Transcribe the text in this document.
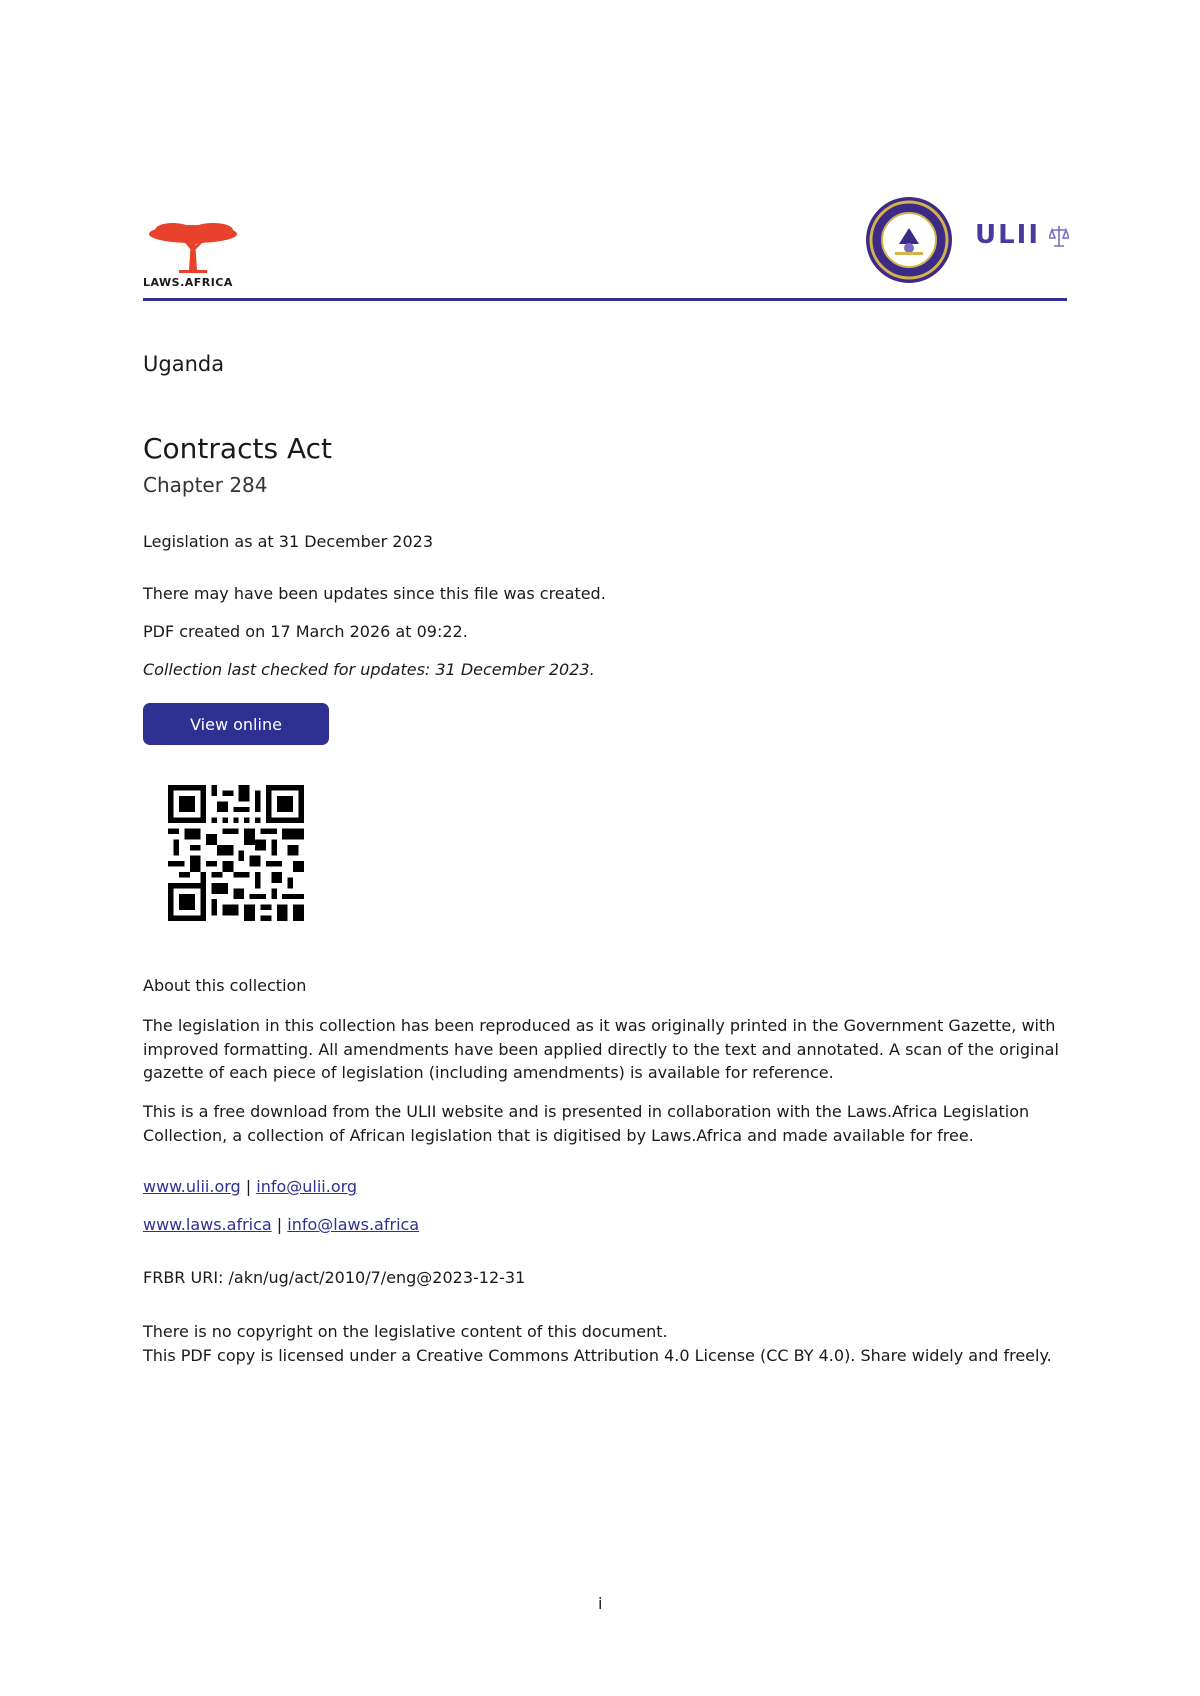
LAWS.AFRICA
ULII
Uganda
Contracts Act
Chapter 284
Legislation as at 31 December 2023
There may have been updates since this file was created.
PDF created on 17 March 2026 at 09:22.
Collection last checked for updates: 31 December 2023.
View online
About this collection
The legislation in this collection has been reproduced as it was originally printed in the Government Gazette, with improved formatting. All amendments have been applied directly to the text and annotated. A scan of the original gazette of each piece of legislation (including amendments) is available for reference.
This is a free download from the ULII website and is presented in collaboration with the Laws.Africa Legislation Collection, a collection of African legislation that is digitised by Laws.Africa and made available for free.
www.ulii.org | info@ulii.org
www.laws.africa | info@laws.africa
FRBR URI: /akn/ug/act/2010/7/eng@2023-12-31
There is no copyright on the legislative content of this document.
This PDF copy is licensed under a Creative Commons Attribution 4.0 License (CC BY 4.0). Share widely and freely.
i
